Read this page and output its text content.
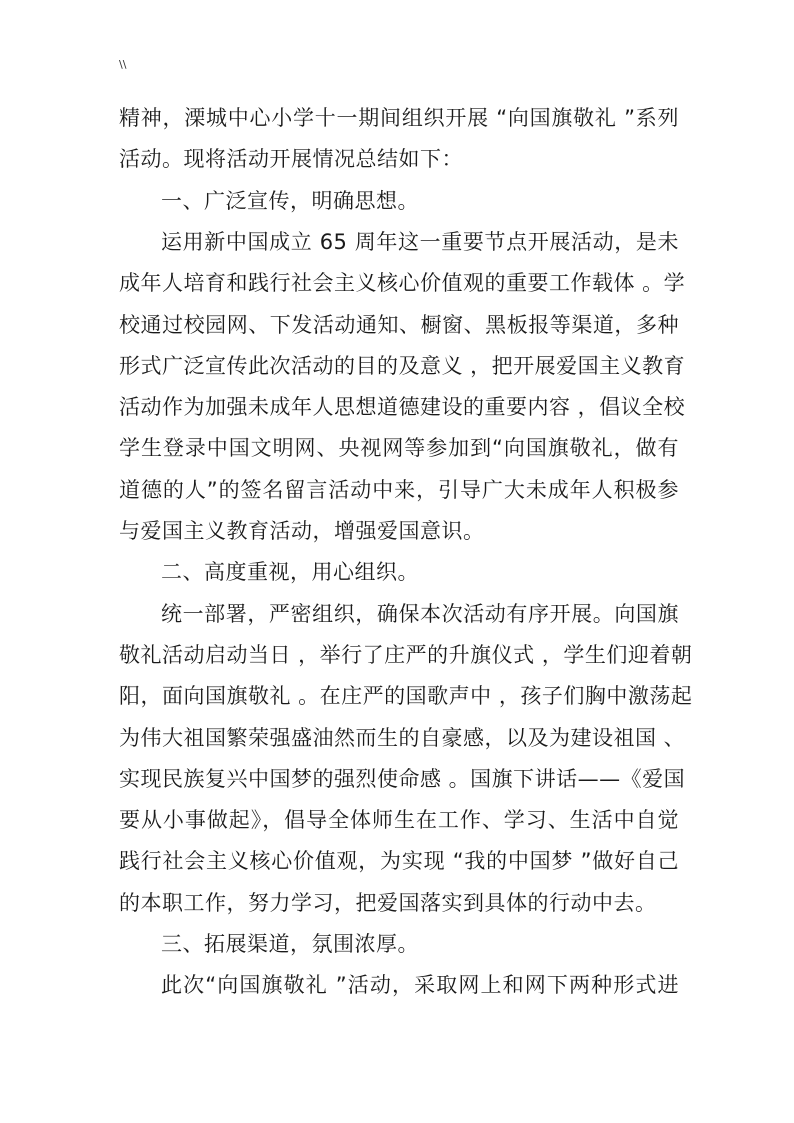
\\
精神，溧城中心小学十一期间组织开展 “向国旗敬礼 ”系列
活动。现将活动开展情况总结如下：
一、广泛宣传，明确思想。
运用新中国成立 65 周年这一重要节点开展活动，是未
成年人培育和践行社会主义核心价值观的重要工作载体 。学
校通过校园网、下发活动通知、橱窗、黑板报等渠道，多种
形式广泛宣传此次活动的目的及意义 ，把开展爱国主义教育
活动作为加强未成年人思想道德建设的重要内容 ，倡议全校
学生登录中国文明网、央视网等参加到“向国旗敬礼，做有
道德的人”的签名留言活动中来，引导广大未成年人积极参
与爱国主义教育活动，增强爱国意识。
二、高度重视，用心组织。
统一部署，严密组织，确保本次活动有序开展。向国旗
敬礼活动启动当日 ，举行了庄严的升旗仪式 ，学生们迎着朝
阳，面向国旗敬礼 。在庄严的国歌声中 ，孩子们胸中激荡起
为伟大祖国繁荣强盛油然而生的自豪感，以及为建设祖国 、
实现民族复兴中国梦的强烈使命感 。国旗下讲话——《爱国
要从小事做起》，倡导全体师生在工作、学习、生活中自觉
践行社会主义核心价值观，为实现 “我的中国梦 ”做好自己
的本职工作，努力学习，把爱国落实到具体的行动中去。
三、拓展渠道，氛围浓厚。
此次“向国旗敬礼 ”活动，采取网上和网下两种形式进
